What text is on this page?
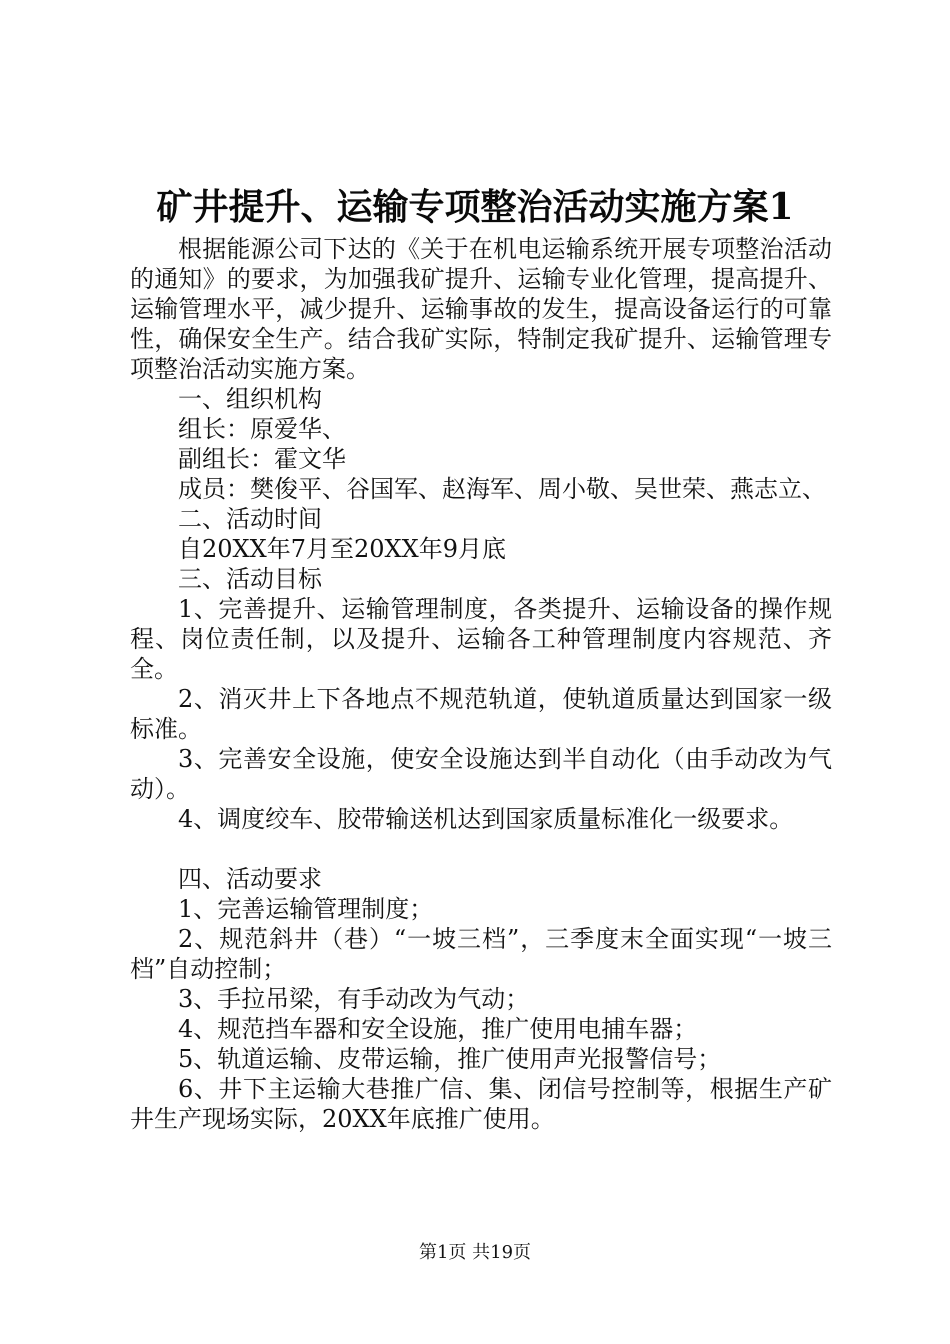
矿井提升、运输专项整治活动实施方案1

根据能源公司下达的《关于在机电运输系统开展专项整治活动的通知》的要求，为加强我矿提升、运输专业化管理，提高提升、运输管理水平，减少提升、运输事故的发生，提高设备运行的可靠性，确保安全生产。结合我矿实际，特制定我矿提升、运输管理专项整治活动实施方案。

一、组织机构

组长：原爱华、

副组长：霍文华

成员：樊俊平、谷国军、赵海军、周小敬、吴世荣、燕志立、

二、活动时间

自20XX年7月至20XX年9月底

三、活动目标

1、完善提升、运输管理制度，各类提升、运输设备的操作规程、岗位责任制，以及提升、运输各工种管理制度内容规范、齐全。

2、消灭井上下各地点不规范轨道，使轨道质量达到国家一级标准。

3、完善安全设施，使安全设施达到半自动化（由手动改为气动）。

4、调度绞车、胶带输送机达到国家质量标准化一级要求。

四、活动要求

1、完善运输管理制度；

2、规范斜井（巷）“一坡三档”，三季度末全面实现“一坡三档”自动控制；

3、手拉吊梁，有手动改为气动；

4、规范挡车器和安全设施，推广使用电捕车器；

5、轨道运输、皮带运输，推广使用声光报警信号；

6、井下主运输大巷推广信、集、闭信号控制等，根据生产矿井生产现场实际，20XX年底推广使用。

第1页 共19页
